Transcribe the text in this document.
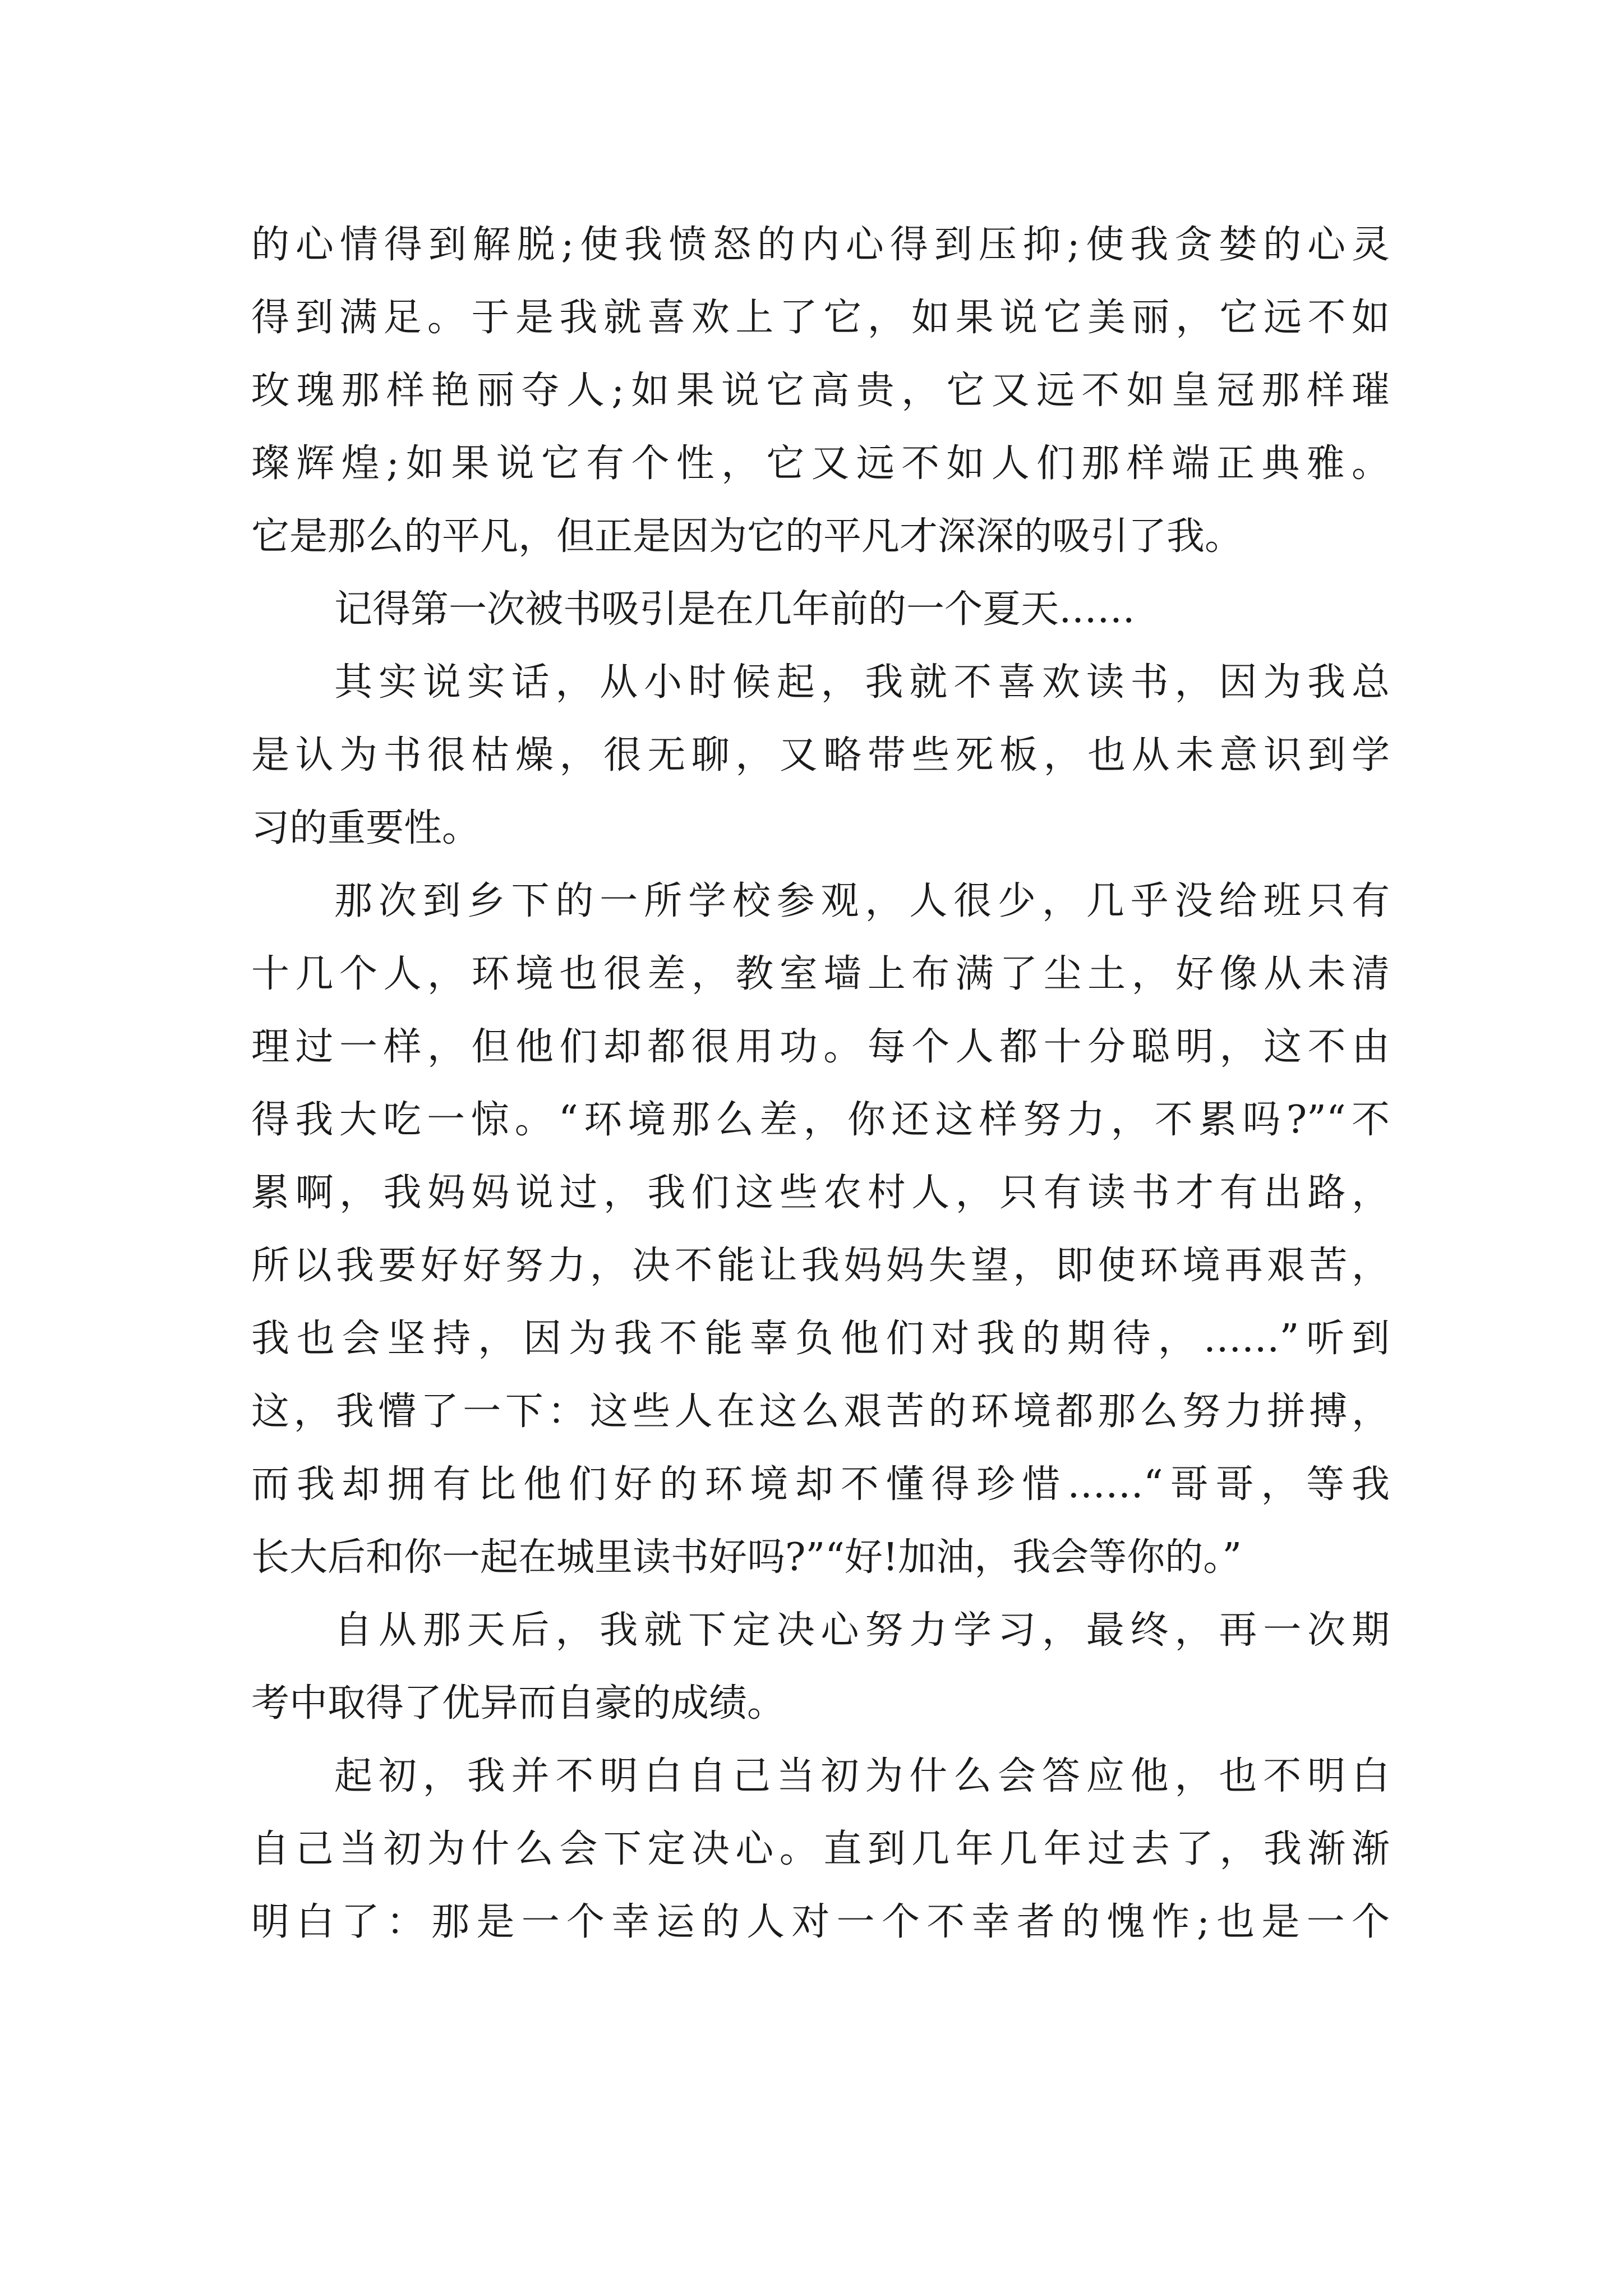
的心情得到解脱;使我愤怒的内心得到压抑;使我贪婪的心灵
得到满足。于是我就喜欢上了它，如果说它美丽，它远不如
玫瑰那样艳丽夺人;如果说它高贵，它又远不如皇冠那样璀
璨辉煌;如果说它有个性，它又远不如人们那样端正典雅。
它是那么的平凡，但正是因为它的平凡才深深的吸引了我。
记得第一次被书吸引是在几年前的一个夏天……
其实说实话，从小时候起，我就不喜欢读书，因为我总
是认为书很枯燥，很无聊，又略带些死板，也从未意识到学
习的重要性。
那次到乡下的一所学校参观，人很少，几乎没给班只有
十几个人，环境也很差，教室墙上布满了尘土，好像从未清
理过一样，但他们却都很用功。每个人都十分聪明，这不由
得我大吃一惊。“环境那么差，你还这样努力，不累吗?”“不
累啊，我妈妈说过，我们这些农村人，只有读书才有出路，
所以我要好好努力，决不能让我妈妈失望，即使环境再艰苦，
我也会坚持，因为我不能辜负他们对我的期待，……”听到
这，我懵了一下：这些人在这么艰苦的环境都那么努力拼搏，
而我却拥有比他们好的环境却不懂得珍惜……“哥哥，等我
长大后和你一起在城里读书好吗?”“好!加油，我会等你的。”
自从那天后，我就下定决心努力学习，最终，再一次期
考中取得了优异而自豪的成绩。
起初，我并不明白自己当初为什么会答应他，也不明白
自己当初为什么会下定决心。直到几年几年过去了，我渐渐
明白了：那是一个幸运的人对一个不幸者的愧怍;也是一个
